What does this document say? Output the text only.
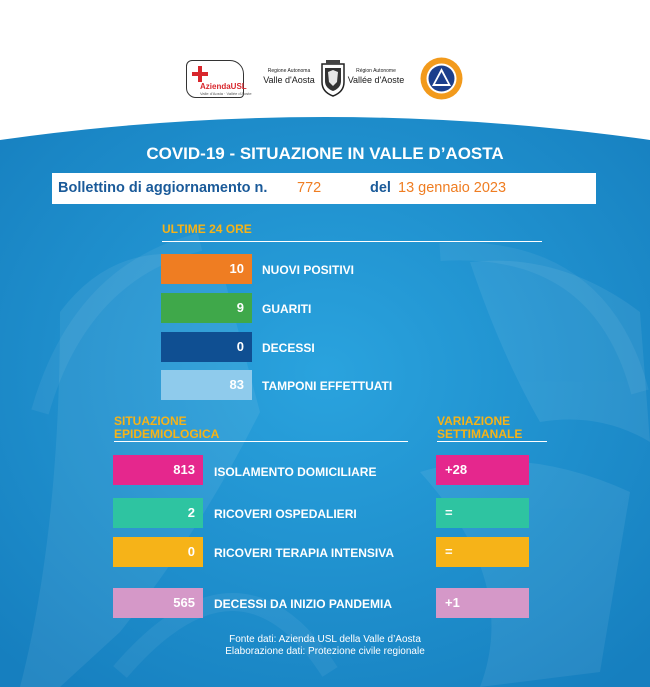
AziendaUSL
Valle d'Aosta · Vallée d'Aoste
Regione Autonoma
Valle d'Aosta
Région Autonome
Vallée d'Aoste
COVID-19 - SITUAZIONE IN VALLE D’AOSTA
Bollettino di aggiornamento n. 772	del 13 gennaio 2023
ULTIME 24 ORE
10	NUOVI POSITIVI
9	GUARITI
0	DECESSI
83	TAMPONI EFFETTUATI
SITUAZIONE
EPIDEMIOLOGICA
VARIAZIONE
SETTIMANALE
813	ISOLAMENTO DOMICILIARE	+28
2	RICOVERI OSPEDALIERI	=
0	RICOVERI TERAPIA INTENSIVA	=
565	DECESSI DA INIZIO PANDEMIA	+1
Fonte dati: Azienda USL della Valle d’Aosta
Elaborazione dati: Protezione civile regionale
